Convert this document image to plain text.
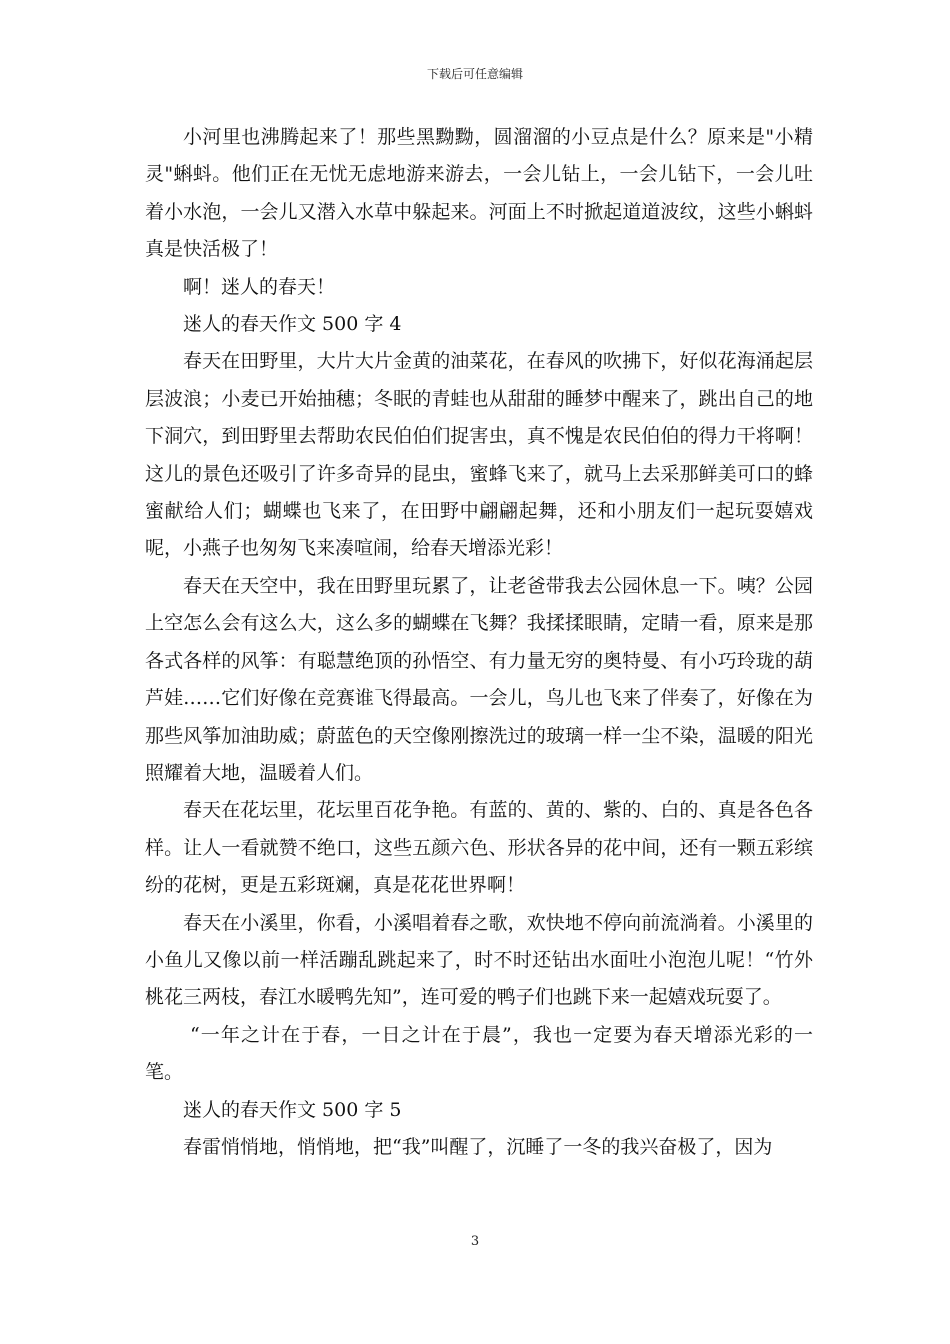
下载后可任意编辑

小河里也沸腾起来了！那些黑黝黝，圆溜溜的小豆点是什么？原来是"小精灵"蝌蚪。他们正在无忧无虑地游来游去，一会儿钻上，一会儿钻下，一会儿吐着小水泡，一会儿又潜入水草中躲起来。河面上不时掀起道道波纹，这些小蝌蚪真是快活极了！

啊！迷人的春天！

迷人的春天作文 500 字 4

春天在田野里，大片大片金黄的油菜花，在春风的吹拂下，好似花海涌起层层波浪；小麦已开始抽穗；冬眠的青蛙也从甜甜的睡梦中醒来了，跳出自己的地下洞穴，到田野里去帮助农民伯伯们捉害虫，真不愧是农民伯伯的得力干将啊！这儿的景色还吸引了许多奇异的昆虫，蜜蜂飞来了，就马上去采那鲜美可口的蜂蜜献给人们；蝴蝶也飞来了，在田野中翩翩起舞，还和小朋友们一起玩耍嬉戏呢，小燕子也匆匆飞来凑喧闹，给春天增添光彩！

春天在天空中，我在田野里玩累了，让老爸带我去公园休息一下。咦？公园上空怎么会有这么大，这么多的蝴蝶在飞舞？我揉揉眼睛，定睛一看，原来是那各式各样的风筝：有聪慧绝顶的孙悟空、有力量无穷的奥特曼、有小巧玲珑的葫芦娃……它们好像在竞赛谁飞得最高。一会儿，鸟儿也飞来了伴奏了，好像在为那些风筝加油助威；蔚蓝色的天空像刚擦洗过的玻璃一样一尘不染，温暖的阳光照耀着大地，温暖着人们。

春天在花坛里，花坛里百花争艳。有蓝的、黄的、紫的、白的、真是各色各样。让人一看就赞不绝口，这些五颜六色、形状各异的花中间，还有一颗五彩缤纷的花树，更是五彩斑斓，真是花花世界啊！

春天在小溪里，你看，小溪唱着春之歌，欢快地不停向前流淌着。小溪里的小鱼儿又像以前一样活蹦乱跳起来了，时不时还钻出水面吐小泡泡儿呢！“竹外桃花三两枝，春江水暖鸭先知”，连可爱的鸭子们也跳下来一起嬉戏玩耍了。

“一年之计在于春，一日之计在于晨”，我也一定要为春天增添光彩的一笔。

迷人的春天作文 500 字 5

春雷悄悄地，悄悄地，把“我”叫醒了，沉睡了一冬的我兴奋极了，因为

3
